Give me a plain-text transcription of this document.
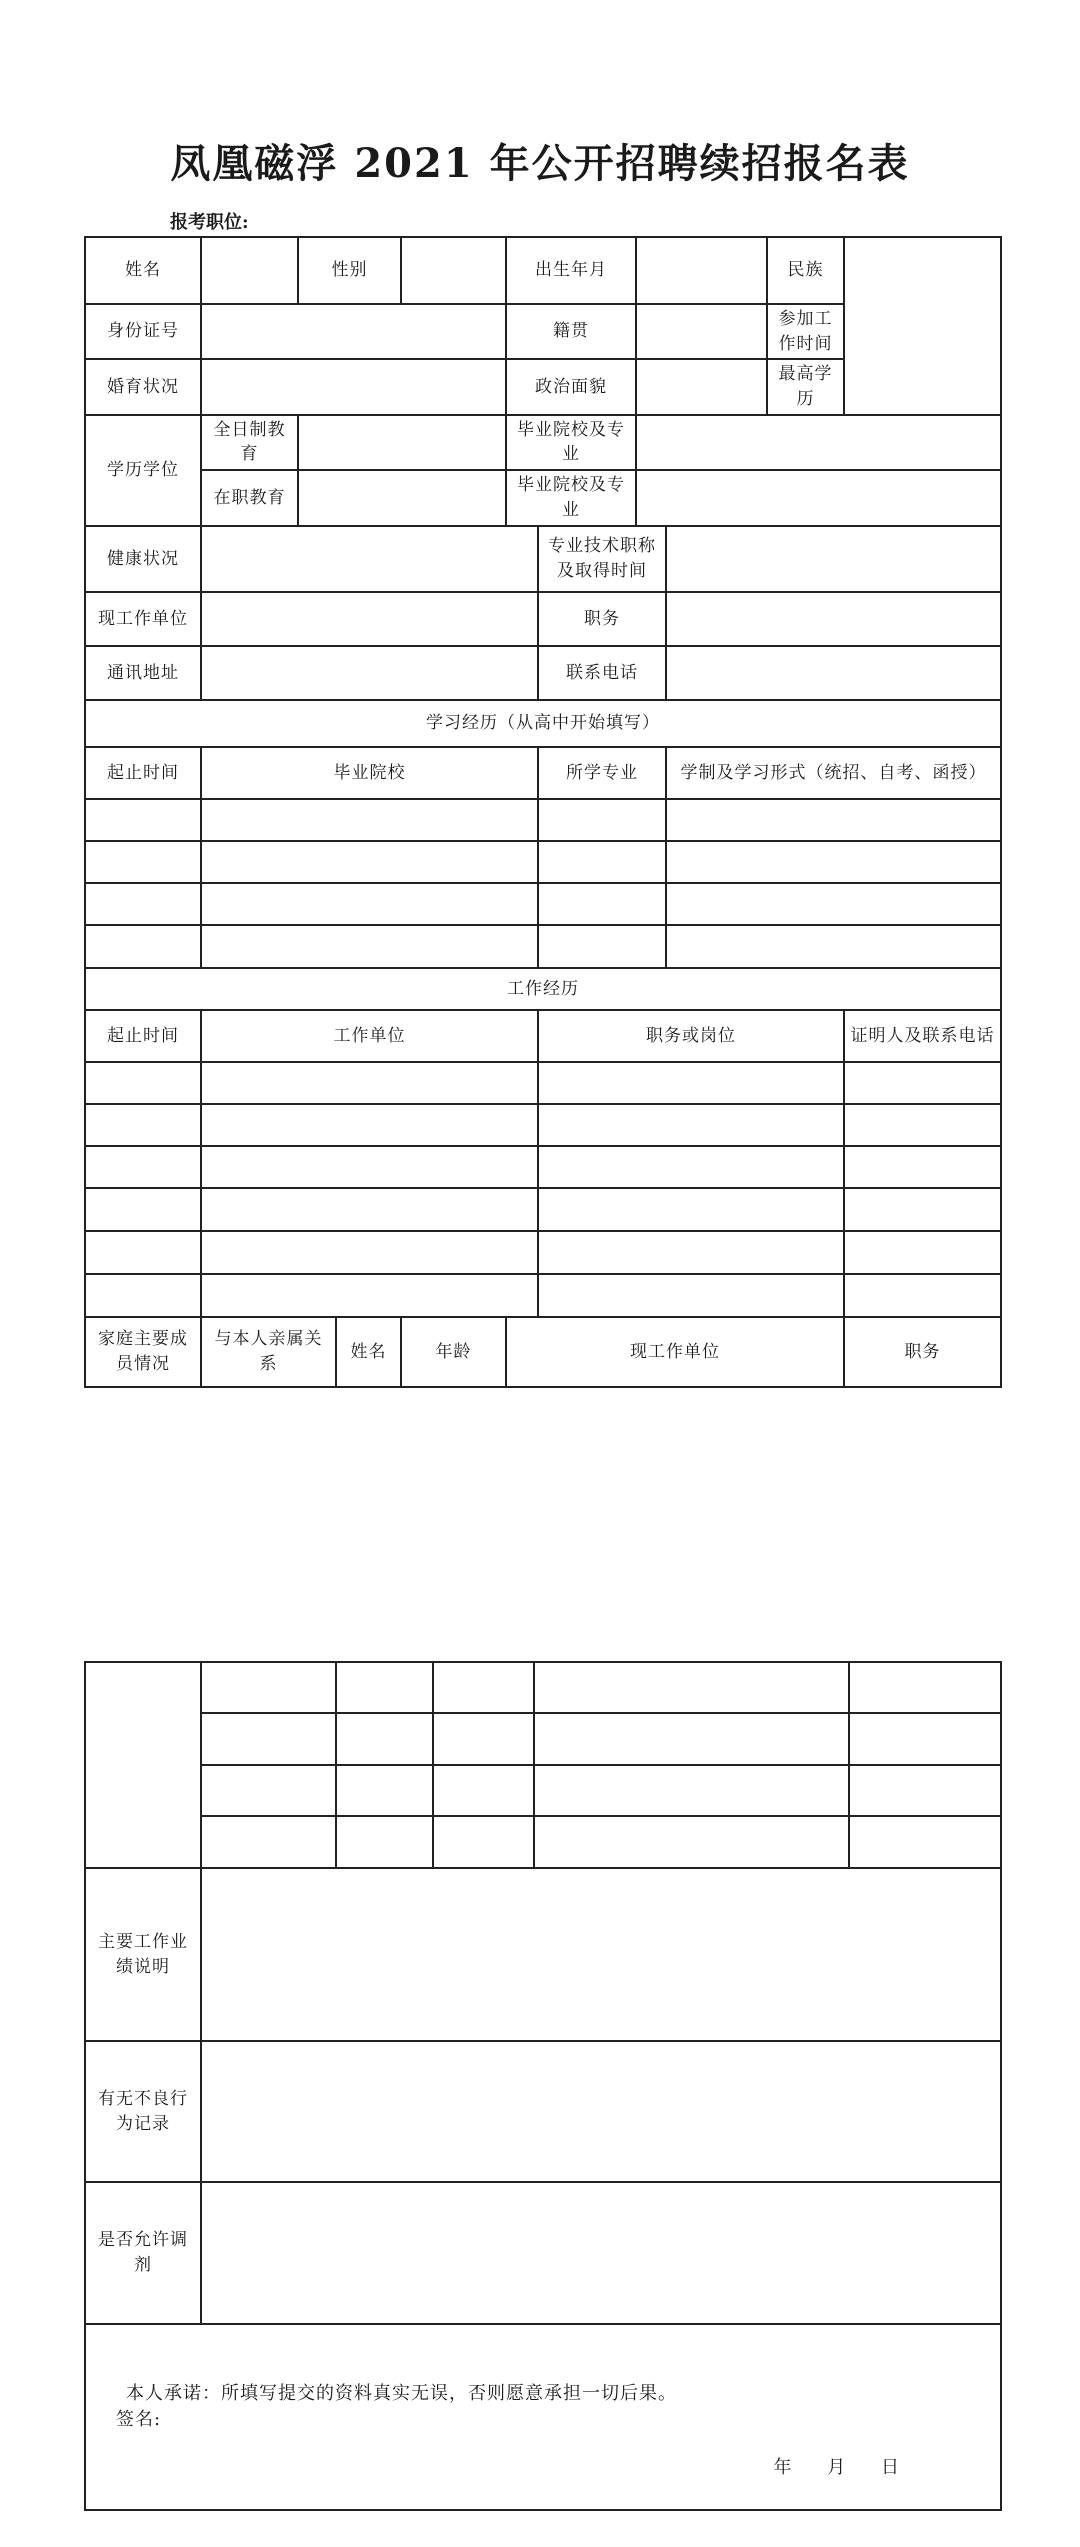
凤凰磁浮 2021 年公开招聘续招报名表
报考职位:
姓名		性别			出生年月				民族	
身份证号					籍贯				参加工作时间	
婚育状况					政治面貌				最高学历	
学历学位	全日制教育				毕业院校及专业					
	在职教育				毕业院校及专业					
健康状况						专业技术职称及取得时间				
现工作单位						职务				
通讯地址						联系电话				
学习经历（从高中开始填写）										
起止时间	毕业院校					所学专业		学制及学习形式（统招、自考、函授）		

工作经历										
起止时间	工作单位					职务或岗位				证明人及联系电话

家庭主要成员情况	与本人亲属关系		姓名	年龄	现工作单位					职务

主要工作业绩说明					
有无不良行为记录					
是否允许调剂					

本人承诺：所填写提交的资料真实无误，否则愿意承担一切后果。
签名:
年 月 日					
